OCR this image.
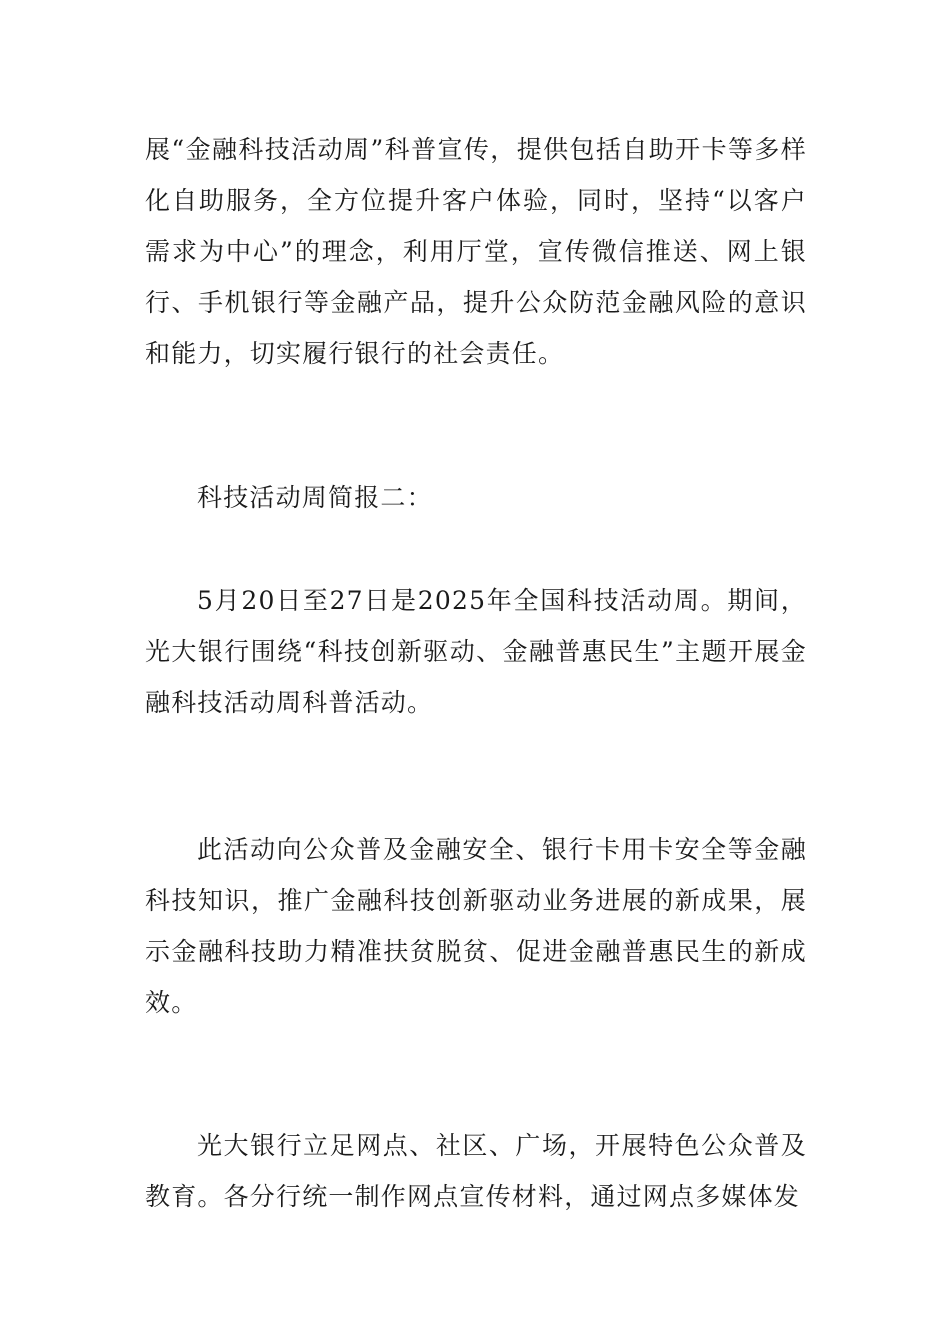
展“金融科技活动周”科普宣传，提供包括自助开卡等多样化自助服务，全方位提升客户体验，同时，坚持“以客户需求为中心”的理念，利用厅堂，宣传微信推送、网上银行、手机银行等金融产品，提升公众防范金融风险的意识和能力，切实履行银行的社会责任。

科技活动周简报二：

5月20日至27日是2025年全国科技活动周。期间，光大银行围绕“科技创新驱动、金融普惠民生”主题开展金融科技活动周科普活动。

此活动向公众普及金融安全、银行卡用卡安全等金融科技知识，推广金融科技创新驱动业务进展的新成果，展示金融科技助力精准扶贫脱贫、促进金融普惠民生的新成效。

光大银行立足网点、社区、广场，开展特色公众普及教育。各分行统一制作网点宣传材料，通过网点多媒体发
